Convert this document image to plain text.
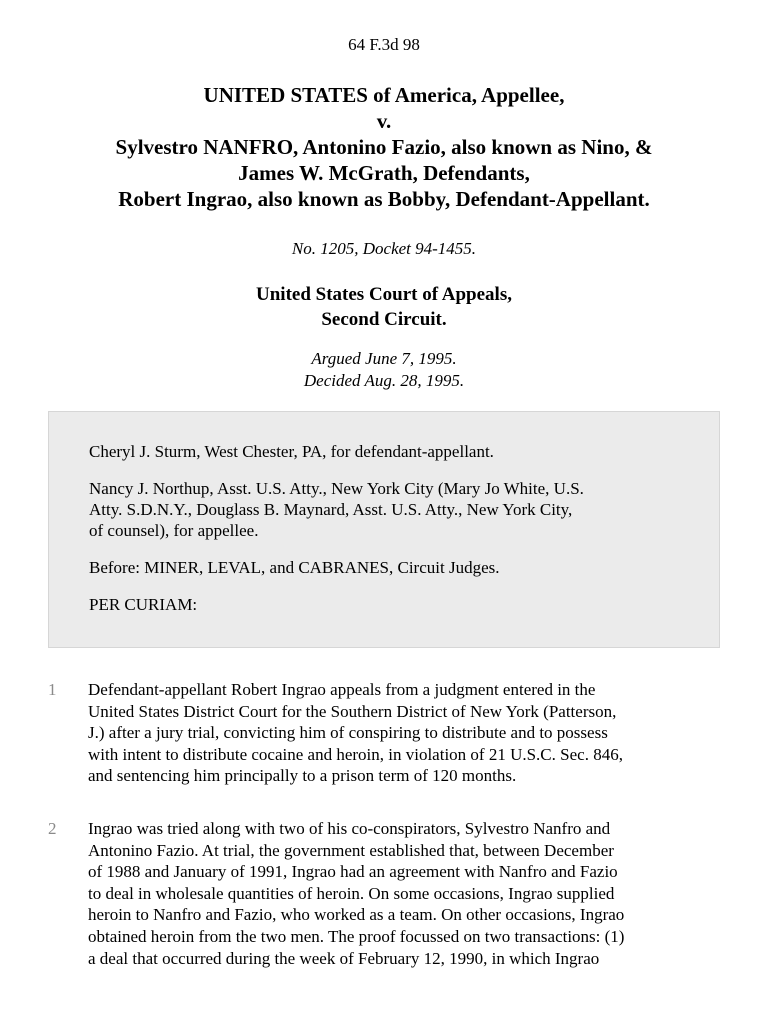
64 F.3d 98
UNITED STATES of America, Appellee,
v.
Sylvestro NANFRO, Antonino Fazio, also known as Nino, &
James W. McGrath, Defendants,
Robert Ingrao, also known as Bobby, Defendant-Appellant.
No. 1205, Docket 94-1455.
United States Court of Appeals,
Second Circuit.
Argued June 7, 1995.
Decided Aug. 28, 1995.

Cheryl J. Sturm, West Chester, PA, for defendant-appellant.

Nancy J. Northup, Asst. U.S. Atty., New York City (Mary Jo White, U.S.
Atty. S.D.N.Y., Douglass B. Maynard, Asst. U.S. Atty., New York City,
of counsel), for appellee.

Before: MINER, LEVAL, and CABRANES, Circuit Judges.

PER CURIAM:

1 Defendant-appellant Robert Ingrao appeals from a judgment entered in the
United States District Court for the Southern District of New York (Patterson,
J.) after a jury trial, convicting him of conspiring to distribute and to possess
with intent to distribute cocaine and heroin, in violation of 21 U.S.C. Sec. 846,
and sentencing him principally to a prison term of 120 months.
2 Ingrao was tried along with two of his co-conspirators, Sylvestro Nanfro and
Antonino Fazio. At trial, the government established that, between December
of 1988 and January of 1991, Ingrao had an agreement with Nanfro and Fazio
to deal in wholesale quantities of heroin. On some occasions, Ingrao supplied
heroin to Nanfro and Fazio, who worked as a team. On other occasions, Ingrao
obtained heroin from the two men. The proof focussed on two transactions: (1)
a deal that occurred during the week of February 12, 1990, in which Ingrao
